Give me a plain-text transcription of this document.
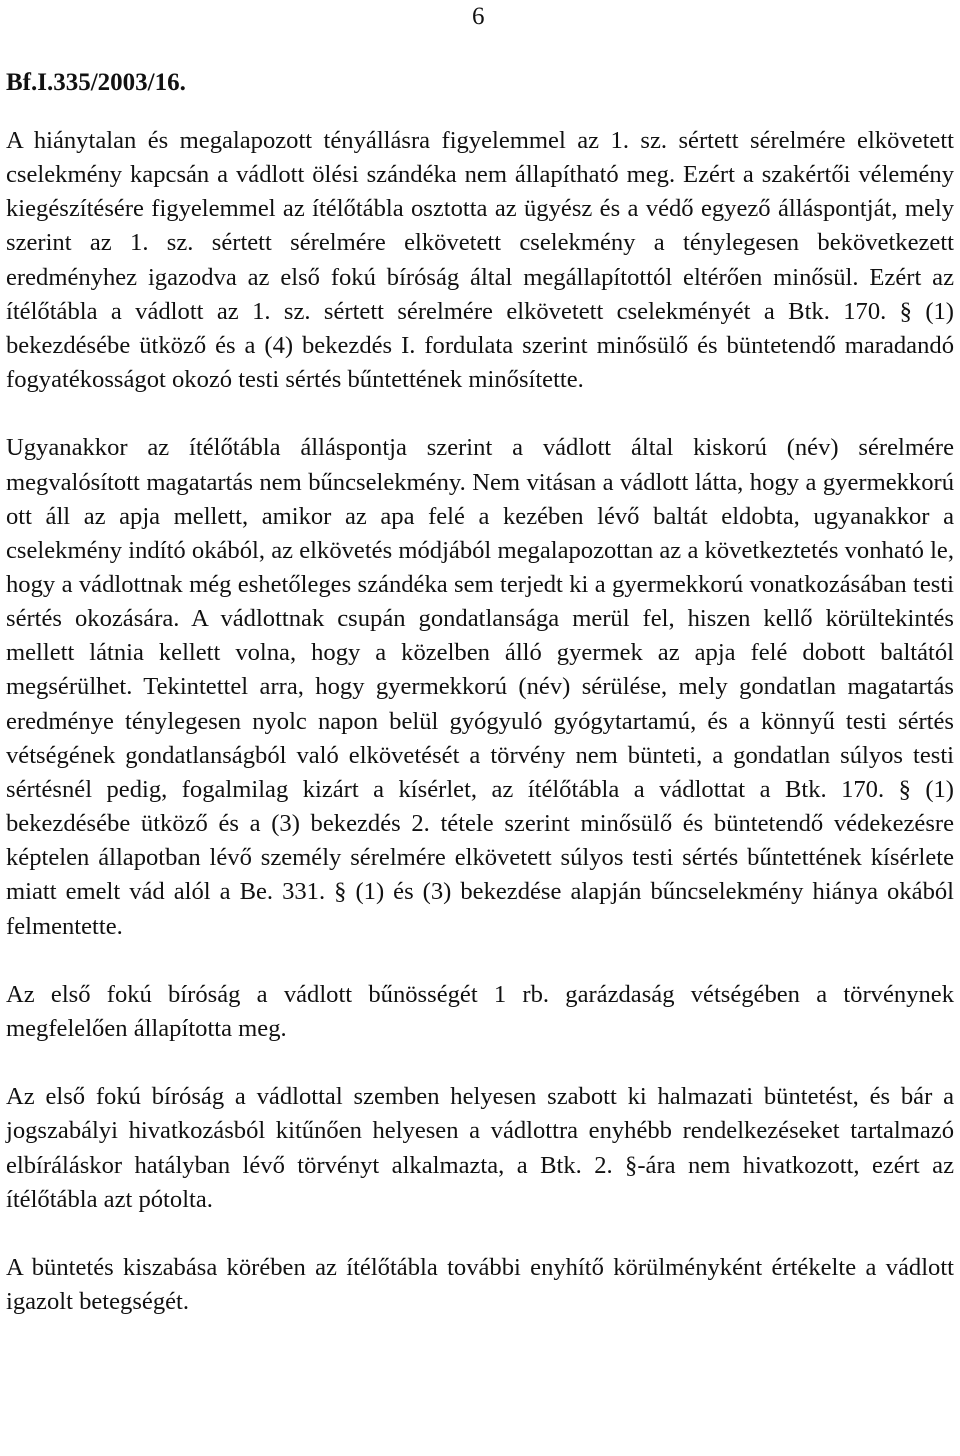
6
Bf.I.335/2003/16.

A hiánytalan és megalapozott tényállásra figyelemmel az 1. sz. sértett sérelmére elkövetett cselekmény kapcsán a vádlott ölési szándéka nem állapítható meg. Ezért a szakértői vélemény kiegészítésére figyelemmel az ítélőtábla osztotta az ügyész és a védő egyező álláspontját, mely szerint az 1. sz. sértett sérelmére elkövetett cselekmény a ténylegesen bekövetkezett eredményhez igazodva az első fokú bíróság által megállapítottól eltérően minősül. Ezért az ítélőtábla a vádlott az 1. sz. sértett sérelmére elkövetett cselekményét a Btk. 170. § (1) bekezdésébe ütköző és a (4) bekezdés I. fordulata szerint minősülő és büntetendő maradandó fogyatékosságot okozó testi sértés bűntettének minősítette.

Ugyanakkor az ítélőtábla álláspontja szerint a vádlott által kiskorú (név) sérelmére megvalósított magatartás nem bűncselekmény. Nem vitásan a vádlott látta, hogy a gyermekkorú ott áll az apja mellett, amikor az apa felé a kezében lévő baltát eldobta, ugyanakkor a cselekmény indító okából, az elkövetés módjából megalapozottan az a következtetés vonható le, hogy a vádlottnak még eshetőleges szándéka sem terjedt ki a gyermekkorú vonatkozásában testi sértés okozására. A vádlottnak csupán gondatlansága merül fel, hiszen kellő körültekintés mellett látnia kellett volna, hogy a közelben álló gyermek az apja felé dobott baltától megsérülhet. Tekintettel arra, hogy gyermekkorú (név) sérülése, mely gondatlan magatartás eredménye ténylegesen nyolc napon belül gyógyuló gyógytartamú, és a könnyű testi sértés vétségének gondatlanságból való elkövetését a törvény nem bünteti, a gondatlan súlyos testi sértésnél pedig, fogalmilag kizárt a kísérlet, az ítélőtábla a vádlottat a Btk. 170. § (1) bekezdésébe ütköző és a (3) bekezdés 2. tétele szerint minősülő és büntetendő védekezésre képtelen állapotban lévő személy sérelmére elkövetett súlyos testi sértés bűntettének kísérlete miatt emelt vád alól a Be. 331. § (1) és (3) bekezdése alapján bűncselekmény hiánya okából felmentette.

Az első fokú bíróság a vádlott bűnösségét 1 rb. garázdaság vétségében a törvénynek megfelelően állapította meg.

Az első fokú bíróság a vádlottal szemben helyesen szabott ki halmazati büntetést, és bár a jogszabályi hivatkozásból kitűnően helyesen a vádlottra enyhébb rendelkezéseket tartalmazó elbíráláskor hatályban lévő törvényt alkalmazta, a Btk. 2. §-ára nem hivatkozott, ezért az ítélőtábla azt pótolta.

A büntetés kiszabása körében az ítélőtábla további enyhítő körülményként értékelte a vádlott igazolt betegségét.
